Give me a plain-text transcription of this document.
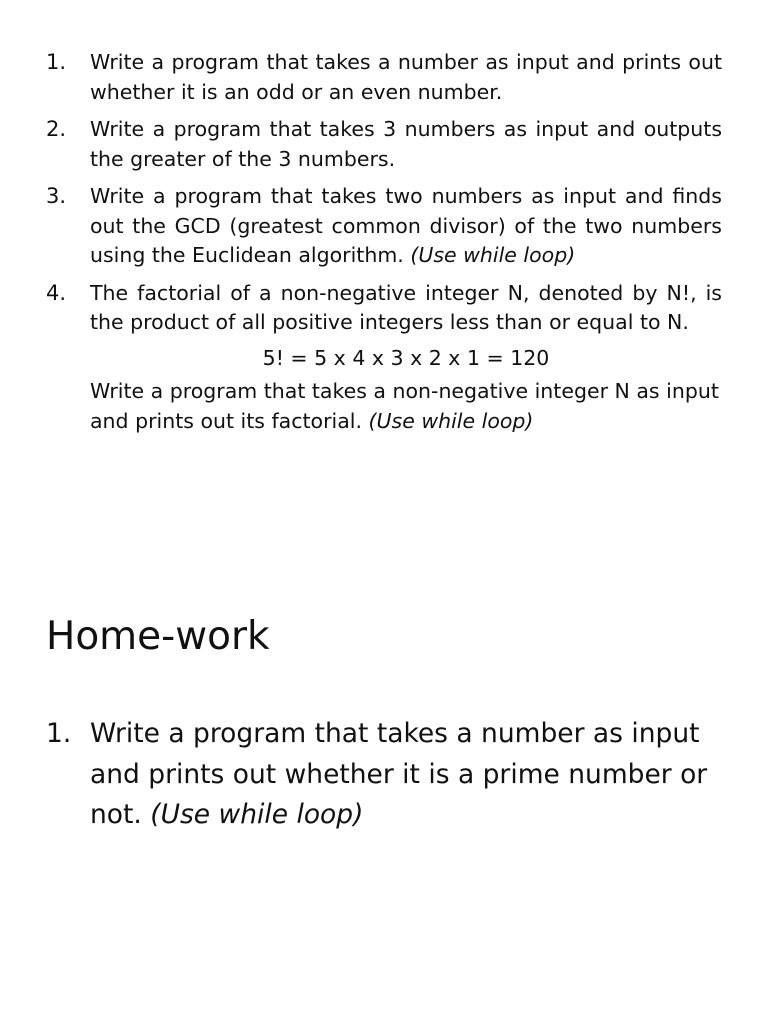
1. Write a program that takes a number as input and prints out whether it is an odd or an even number.
2. Write a program that takes 3 numbers as input and outputs the greater of the 3 numbers.
3. Write a program that takes two numbers as input and finds out the GCD (greatest common divisor) of the two numbers using the Euclidean algorithm. (Use while loop)
4. The factorial of a non-negative integer N, denoted by N!, is the product of all positive integers less than or equal to N.
5! = 5 x 4 x 3 x 2 x 1 = 120
Write a program that takes a non-negative integer N as input and prints out its factorial. (Use while loop)
Home-work
1. Write a program that takes a number as input and prints out whether it is a prime number or not. (Use while loop)
